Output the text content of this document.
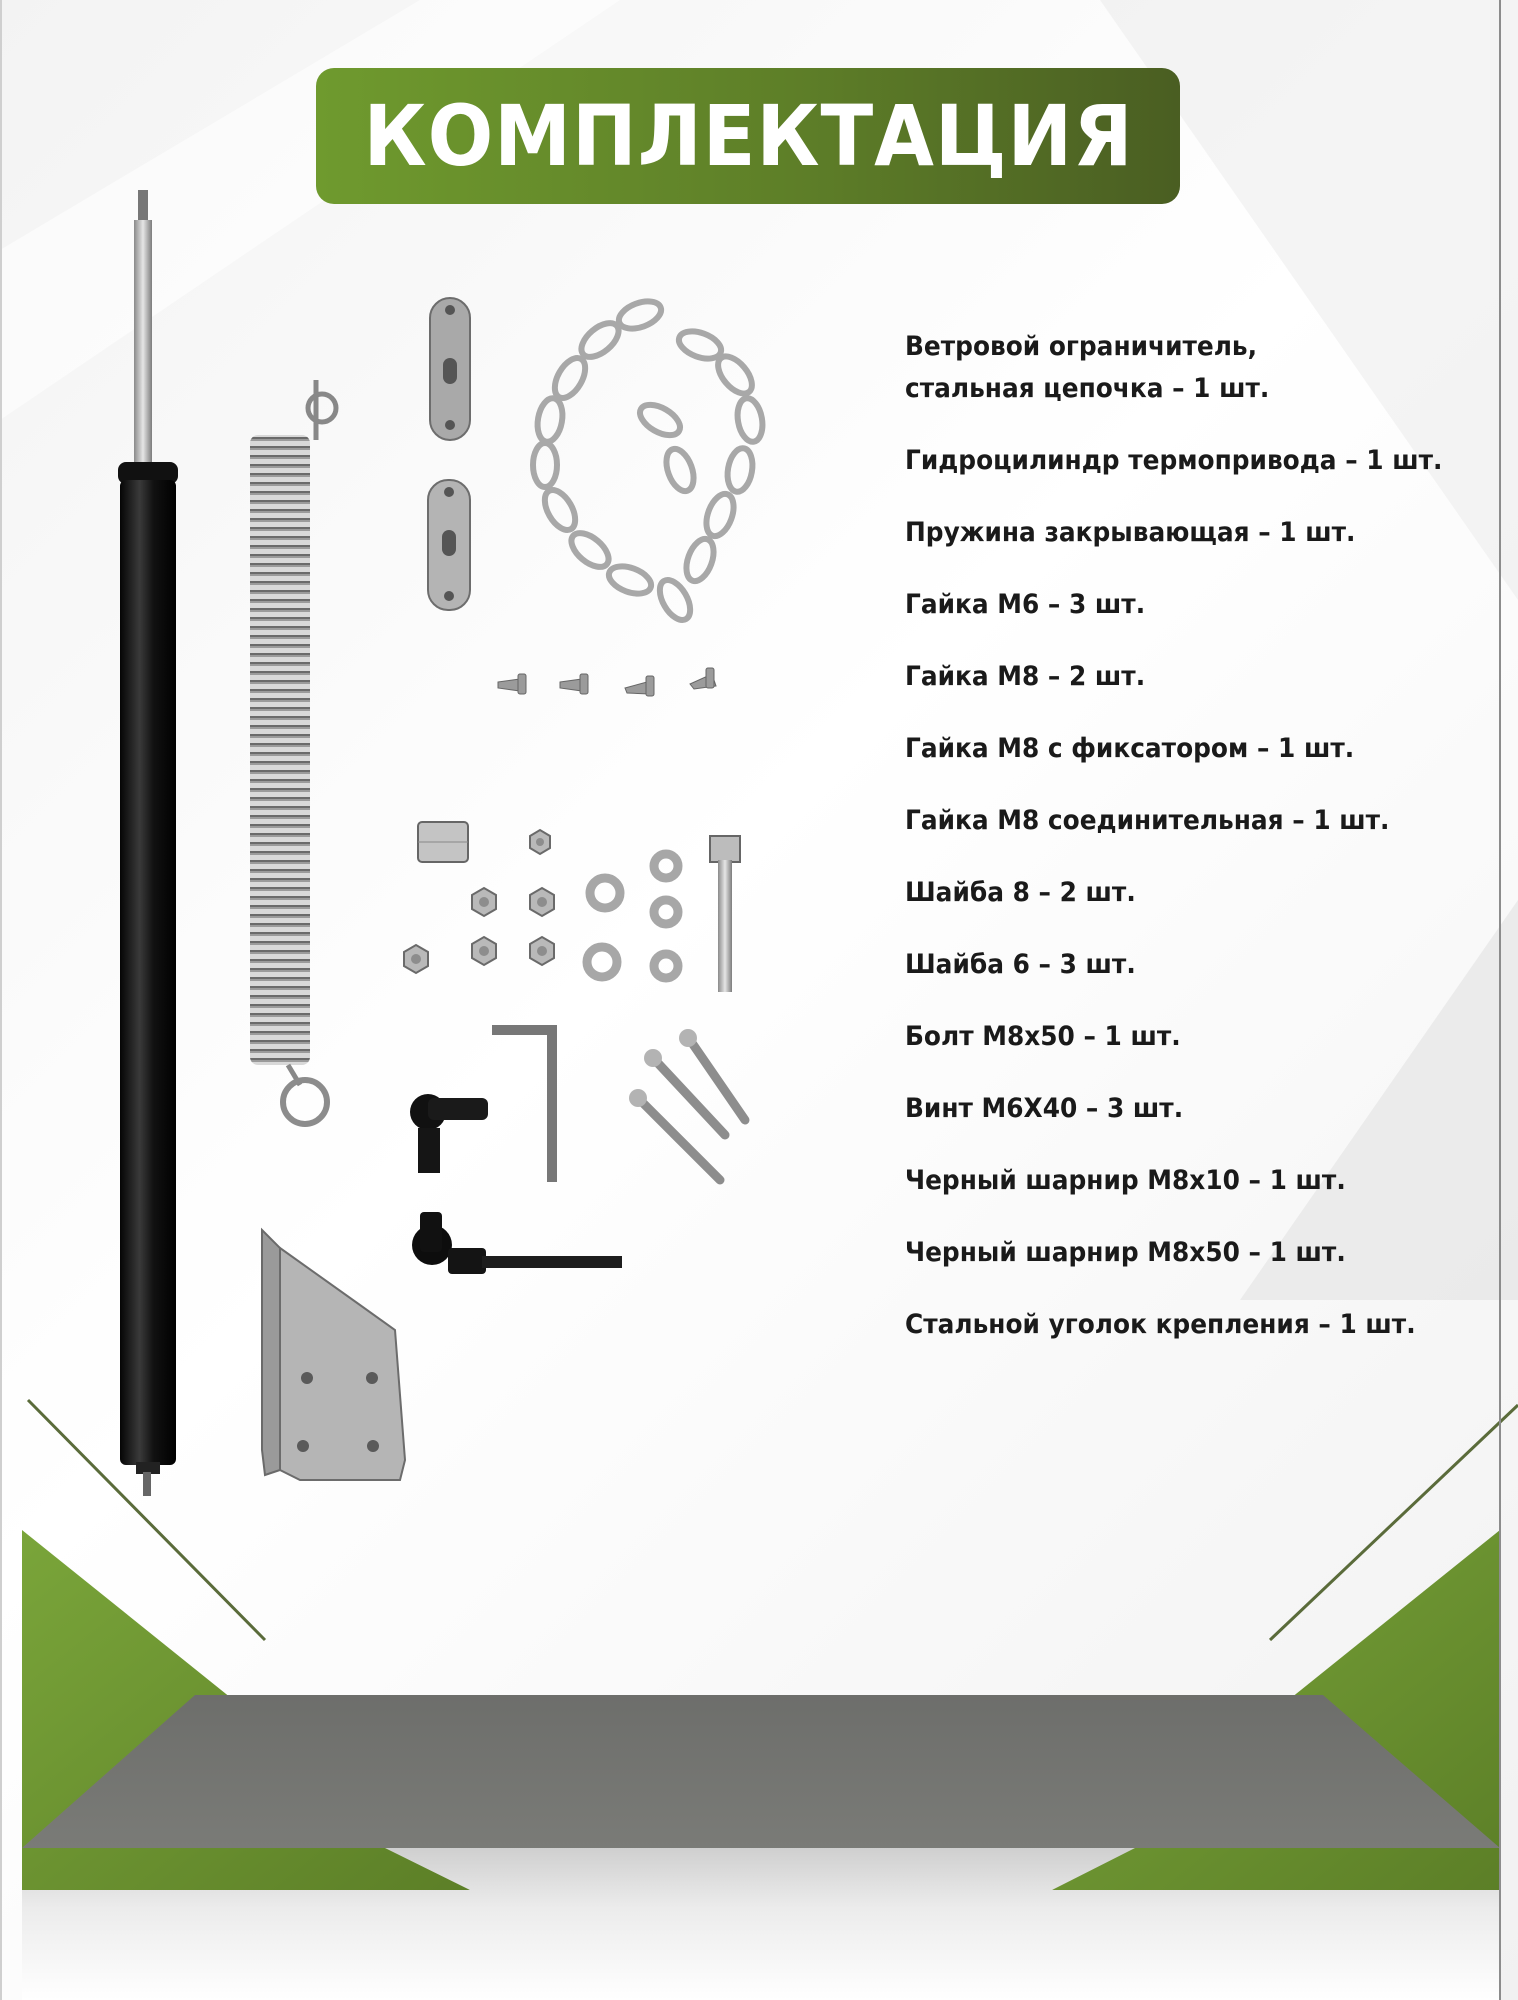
КОМПЛЕКТАЦИЯ
Ветровой ограничитель,
стальная цепочка – 1 шт.
Гидроцилиндр термопривода – 1 шт.
Пружина закрывающая – 1 шт.
Гайка М6 – 3 шт.
Гайка М8 – 2 шт.
Гайка М8 с фиксатором – 1 шт.
Гайка М8 соединительная – 1 шт.
Шайба 8 – 2 шт.
Шайба 6 – 3 шт.
Болт М8х50 – 1 шт.
Винт М6Х40 – 3 шт.
Черный шарнир М8х10 – 1 шт.
Черный шарнир М8х50 – 1 шт.
Стальной уголок крепления – 1 шт.
